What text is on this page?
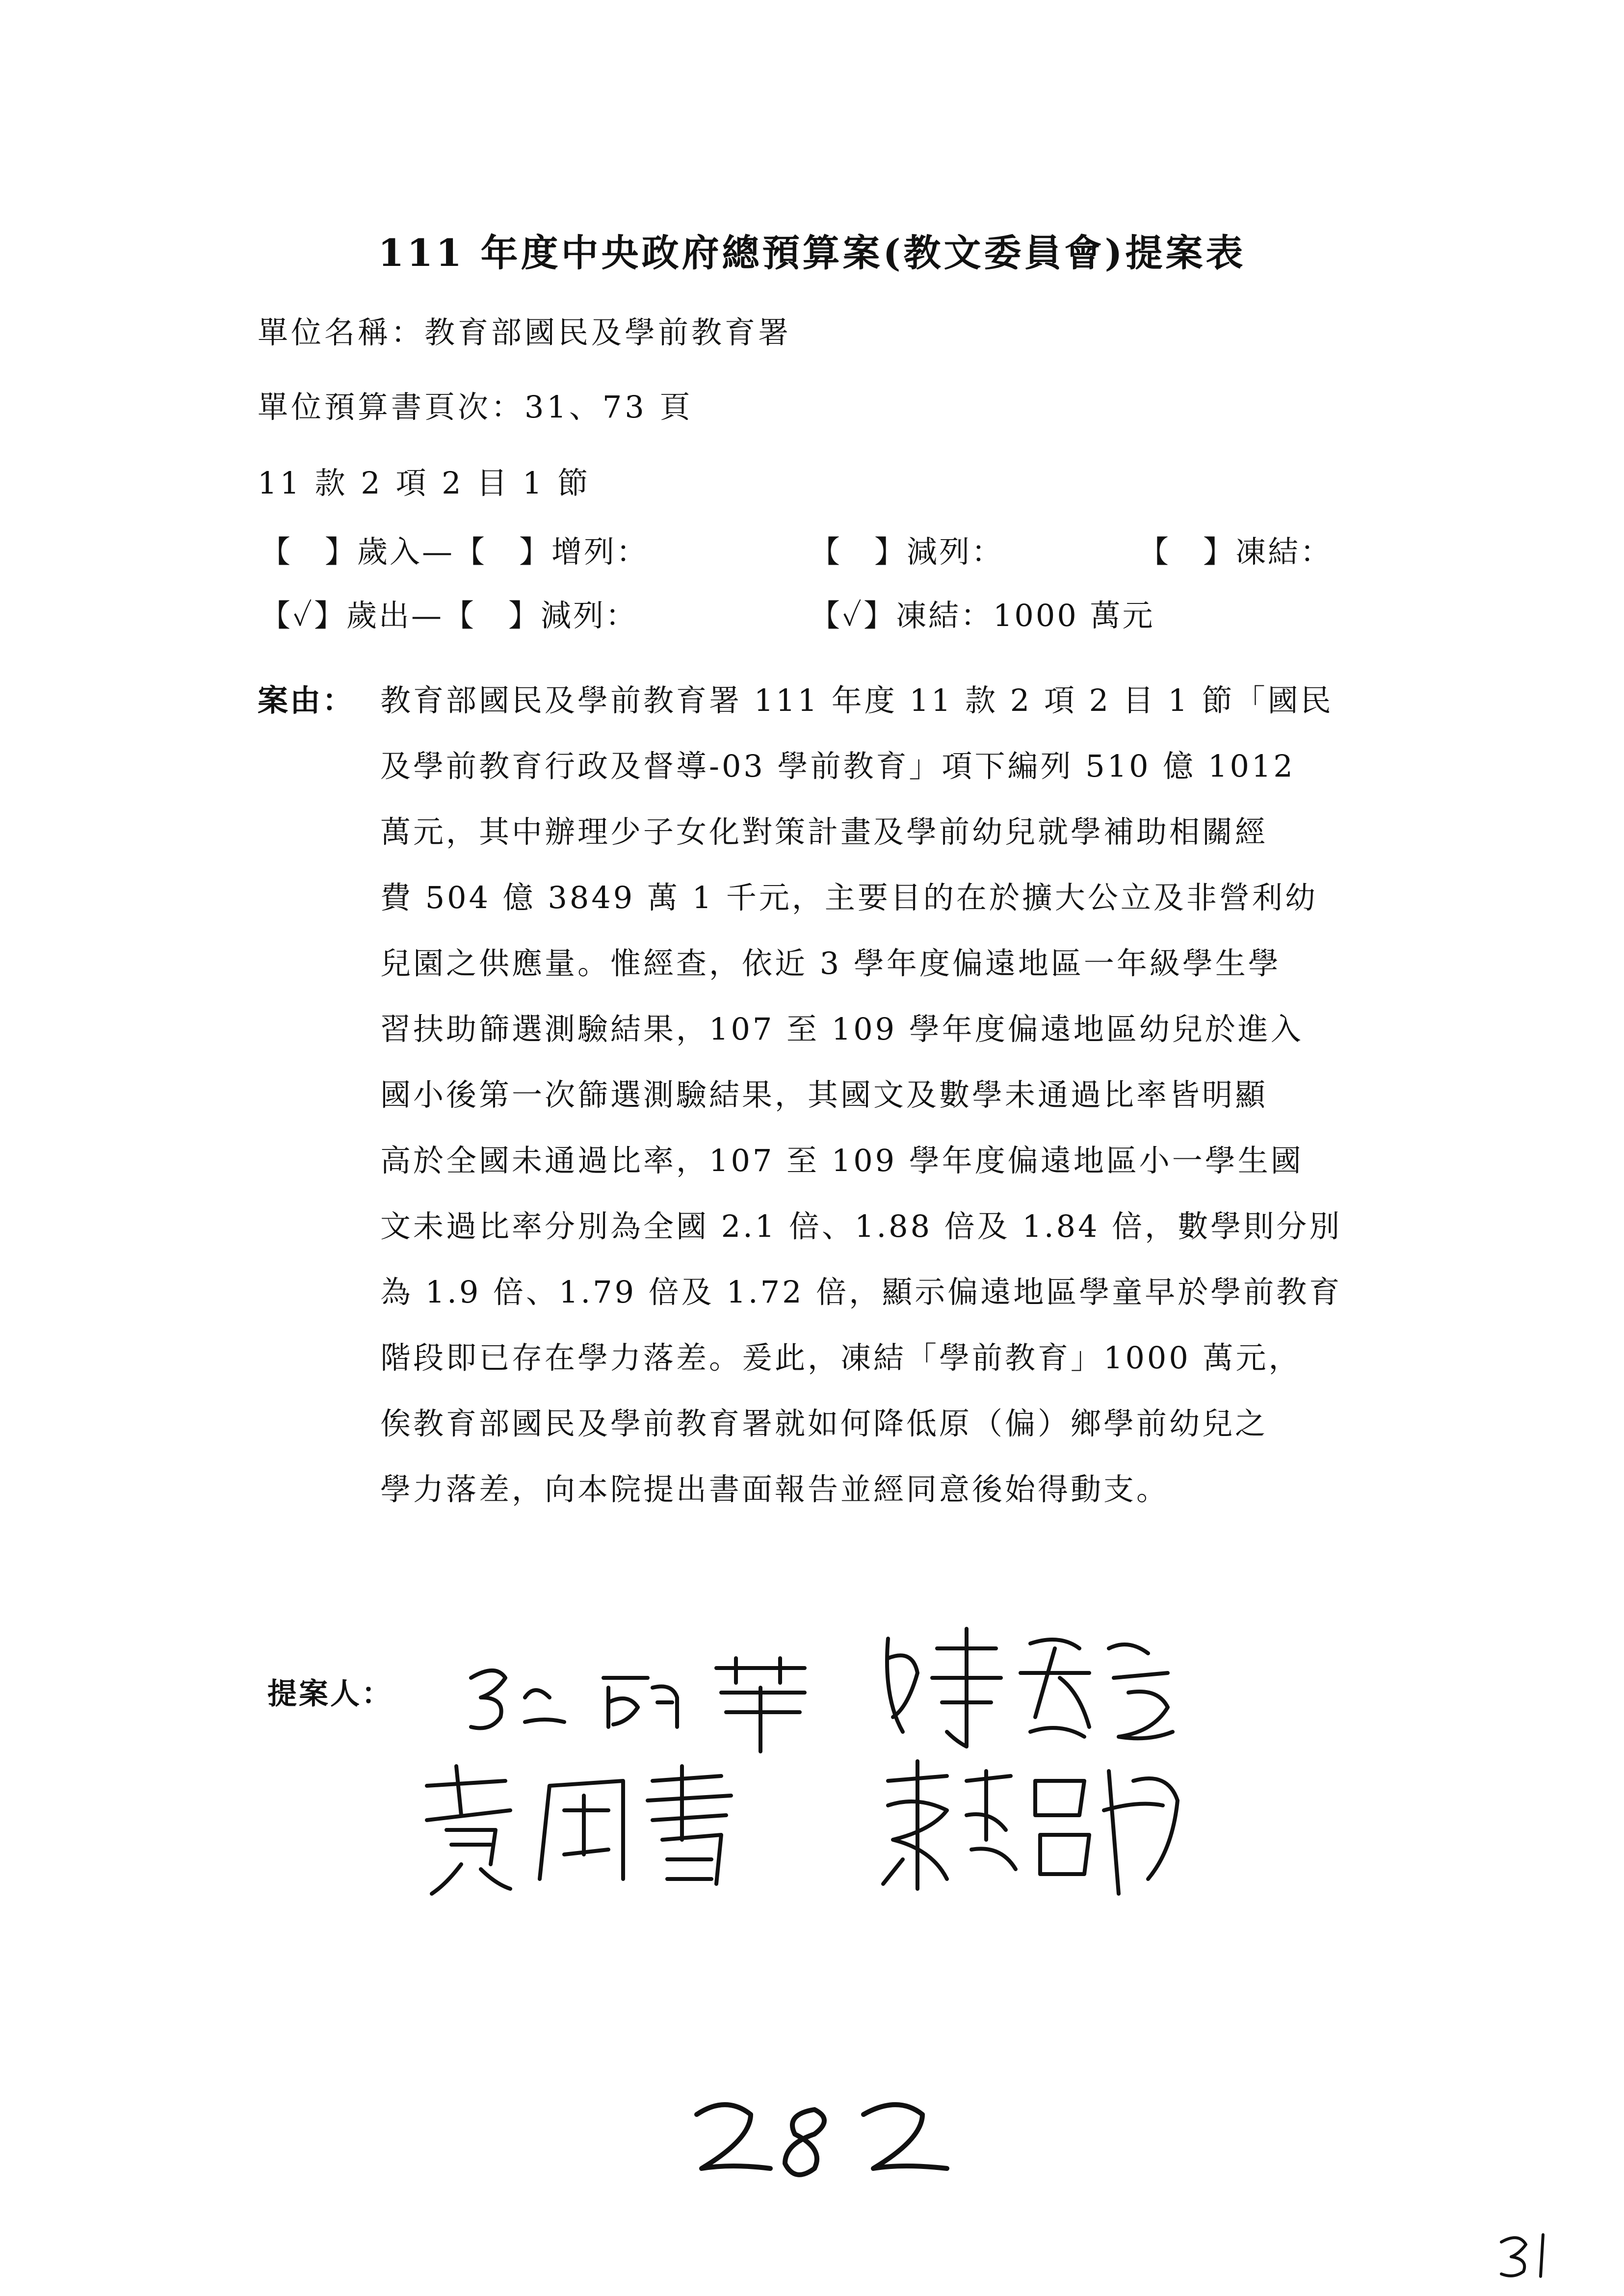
111 年度中央政府總預算案(教文委員會)提案表
單位名稱：教育部國民及學前教育署
單位預算書頁次：31、73 頁
11 款 2 項 2 目 1 節
【　】歲入—【　】增列：	【　】減列：	【　】凍結：
【✓】歲出—【　】減列：	【✓】凍結：1000 萬元
案由： 教育部國民及學前教育署 111 年度 11 款 2 項 2 目 1 節「國民
及學前教育行政及督導-03 學前教育」項下編列 510 億 1012
萬元，其中辦理少子女化對策計畫及學前幼兒就學補助相關經
費 504 億 3849 萬 1 千元，主要目的在於擴大公立及非營利幼
兒園之供應量。惟經查，依近 3 學年度偏遠地區一年級學生學
習扶助篩選測驗結果，107 至 109 學年度偏遠地區幼兒於進入
國小後第一次篩選測驗結果，其國文及數學未通過比率皆明顯
高於全國未通過比率，107 至 109 學年度偏遠地區小一學生國
文未過比率分別為全國 2.1 倍、1.88 倍及 1.84 倍，數學則分別
為 1.9 倍、1.79 倍及 1.72 倍，顯示偏遠地區學童早於學前教育
階段即已存在學力落差。爰此，凍結「學前教育」1000 萬元，
俟教育部國民及學前教育署就如何降低原（偏）鄉學前幼兒之
學力落差，向本院提出書面報告並經同意後始得動支。
提案人：
